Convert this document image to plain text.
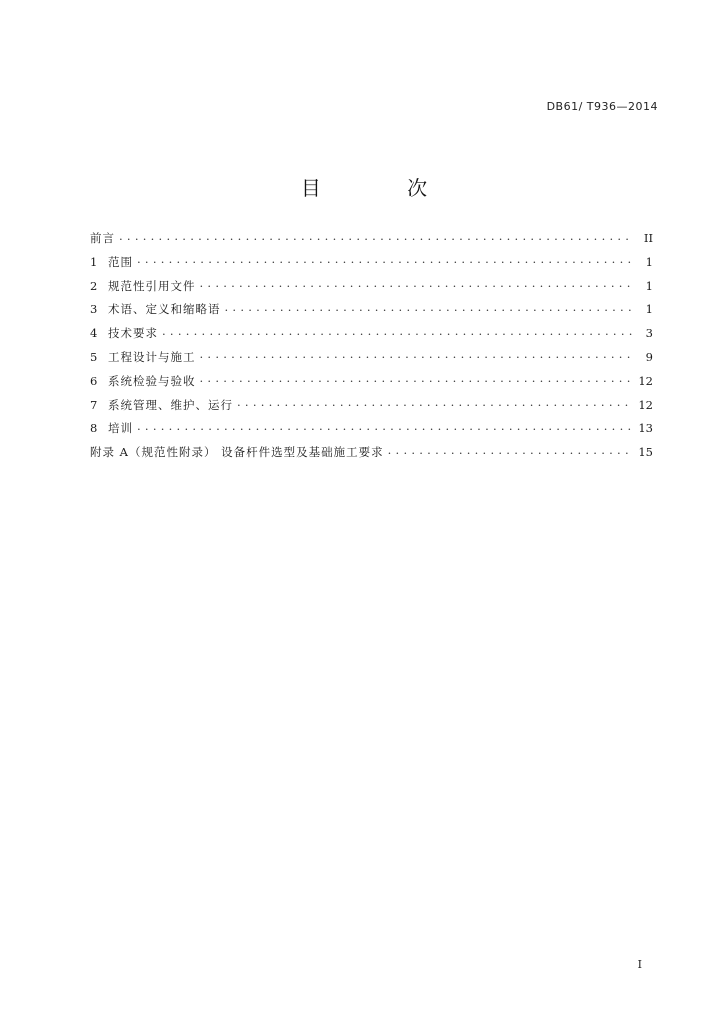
DB61/ T936—2014
目 次
前言 . . .	II
1 范围 . . .	1
2 规范性引用文件 . . .	1
3 术语、定义和缩略语 . . .	1
4 技术要求 . . .	3
5 工程设计与施工 . . .	9
6 系统检验与验收 . . .	12
7 系统管理、维护、运行 . . .	12
8 培训 . . .	13
附录 A（规范性附录） 设备杆件选型及基础施工要求 . . .	15
I
